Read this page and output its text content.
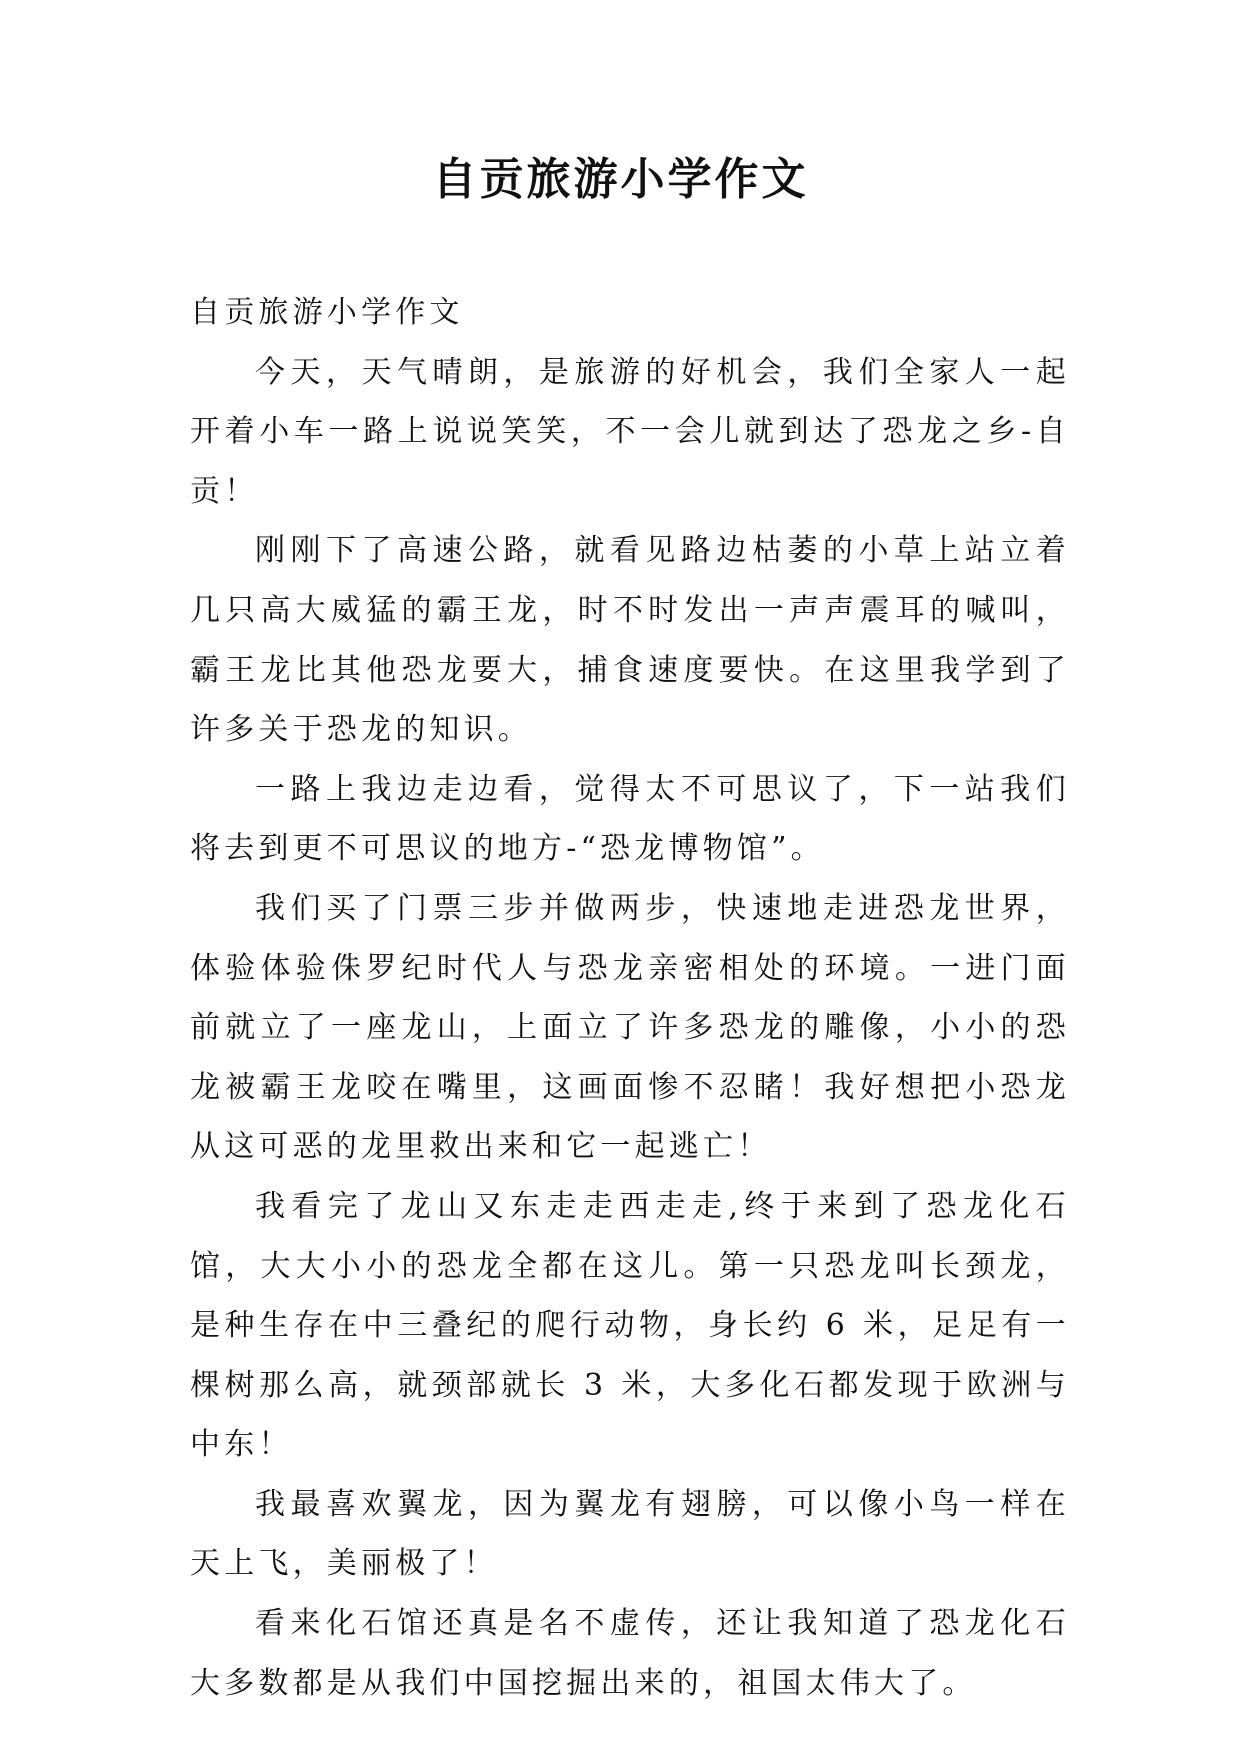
自贡旅游小学作文

自贡旅游小学作文

今天，天气晴朗，是旅游的好机会，我们全家人一起开着小车一路上说说笑笑，不一会儿就到达了恐龙之乡-自贡！

刚刚下了高速公路，就看见路边枯萎的小草上站立着几只高大威猛的霸王龙，时不时发出一声声震耳的喊叫，霸王龙比其他恐龙要大，捕食速度要快。在这里我学到了许多关于恐龙的知识。

一路上我边走边看，觉得太不可思议了，下一站我们将去到更不可思议的地方-“恐龙博物馆”。

我们买了门票三步并做两步，快速地走进恐龙世界，体验体验侏罗纪时代人与恐龙亲密相处的环境。一进门面前就立了一座龙山，上面立了许多恐龙的雕像，小小的恐龙被霸王龙咬在嘴里，这画面惨不忍睹！我好想把小恐龙从这可恶的龙里救出来和它一起逃亡！

我看完了龙山又东走走西走走,终于来到了恐龙化石馆，大大小小的恐龙全都在这儿。第一只恐龙叫长颈龙，是种生存在中三叠纪的爬行动物，身长约 6 米，足足有一棵树那么高，就颈部就长 3 米，大多化石都发现于欧洲与中东！

我最喜欢翼龙，因为翼龙有翅膀，可以像小鸟一样在天上飞，美丽极了！

看来化石馆还真是名不虚传，还让我知道了恐龙化石大多数都是从我们中国挖掘出来的，祖国太伟大了。
